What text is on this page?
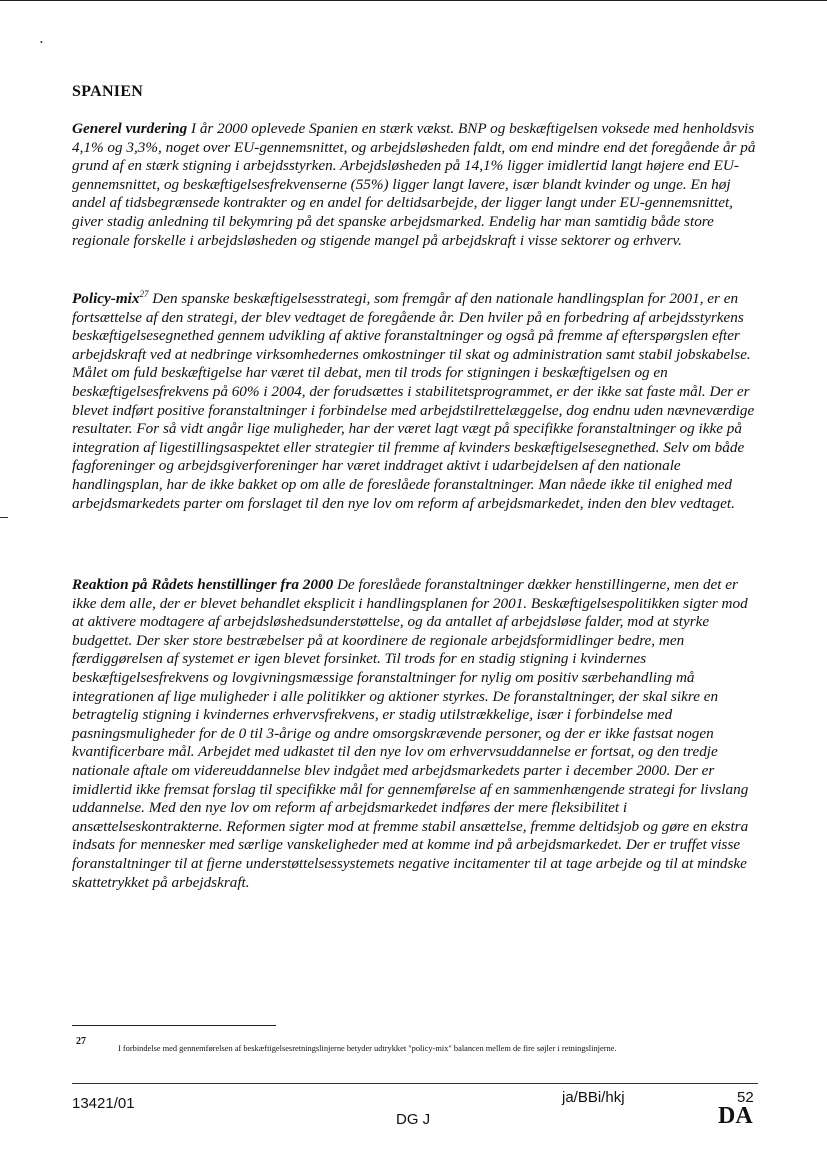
•
SPANIEN
Generel vurdering I år 2000 oplevede Spanien en stærk vækst. BNP og beskæftigelsen voksede med henholdsvis 4,1% og 3,3%, noget over EU-gennemsnittet, og arbejdsløsheden faldt, om end mindre end det foregående år på grund af en stærk stigning i arbejdsstyrken. Arbejdsløsheden på 14,1% ligger imidlertid langt højere end EU-gennemsnittet, og beskæftigelsesfrekvenserne (55%) ligger langt lavere, især blandt kvinder og unge. En høj andel af tidsbegrænsede kontrakter og en andel for deltidsarbejde, der ligger langt under EU-gennemsnittet, giver stadig anledning til bekymring på det spanske arbejdsmarked. Endelig har man samtidig både store regionale forskelle i arbejdsløsheden og stigende mangel på arbejdskraft i visse sektorer og erhverv.
Policy-mix$^{27}$ Den spanske beskæftigelsesstrategi, som fremgår af den nationale handlingsplan for 2001, er en fortsættelse af den strategi, der blev vedtaget de foregående år. Den hviler på en forbedring af arbejdsstyrkens beskæftigelsesegnethed gennem udvikling af aktive foranstaltninger og også på fremme af efterspørgslen efter arbejdskraft ved at nedbringe virksomhedernes omkostninger til skat og administration samt stabil jobskabelse. Målet om fuld beskæftigelse har været til debat, men til trods for stigningen i beskæftigelsen og en beskæftigelsesfrekvens på 60% i 2004, der forudsættes i stabilitetsprogrammet, er der ikke sat faste mål. Der er blevet indført positive foranstaltninger i forbindelse med arbejdstilrettelæggelse, dog endnu uden nævneværdige resultater. For så vidt angår lige muligheder, har der været lagt vægt på specifikke foranstaltninger og ikke på integration af ligestillingsaspektet eller strategier til fremme af kvinders beskæftigelsesegnethed. Selv om både fagforeninger og arbejdsgiverforeninger har været inddraget aktivt i udarbejdelsen af den nationale handlingsplan, har de ikke bakket op om alle de foreslåede foranstaltninger. Man nåede ikke til enighed med arbejdsmarkedets parter om forslaget til den nye lov om reform af arbejdsmarkedet, inden den blev vedtaget.
Reaktion på Rådets henstillinger fra 2000 De foreslåede foranstaltninger dækker henstillingerne, men det er ikke dem alle, der er blevet behandlet eksplicit i handlingsplanen for 2001. Beskæftigelsespolitikken sigter mod at aktivere modtagere af arbejdsløshedsunderstøttelse, og da antallet af arbejdsløse falder, mod at styrke budgettet. Der sker store bestræbelser på at koordinere de regionale arbejdsformidlinger bedre, men færdiggørelsen af systemet er igen blevet forsinket. Til trods for en stadig stigning i kvindernes beskæftigelsesfrekvens og lovgivningsmæssige foranstaltninger for nylig om positiv særbehandling må integrationen af lige muligheder i alle politikker og aktioner styrkes. De foranstaltninger, der skal sikre en betragtelig stigning i kvindernes erhvervsfrekvens, er stadig utilstrækkelige, især i forbindelse med pasningsmuligheder for de 0 til 3-årige og andre omsorgskrævende personer, og der er ikke fastsat nogen kvantificerbare mål. Arbejdet med udkastet til den nye lov om erhvervsuddannelse er fortsat, og den tredje nationale aftale om videreuddannelse blev indgået med arbejdsmarkedets parter i december 2000. Der er imidlertid ikke fremsat forslag til specifikke mål for gennemførelse af en sammenhængende strategi for livslang uddannelse. Med den nye lov om reform af arbejdsmarkedet indføres der mere fleksibilitet i ansættelseskontrakterne. Reformen sigter mod at fremme stabil ansættelse, fremme deltidsjob og gøre en ekstra indsats for mennesker med særlige vanskeligheder med at komme ind på arbejdsmarkedet. Der er truffet visse foranstaltninger til at fjerne understøttelsessystemets negative incitamenter til at tage arbejde og til at mindske skattetrykket på arbejdskraft.
27
I forbindelse med gennemførelsen af beskæftigelsesretningslinjerne betyder udtrykket "policy-mix" balancen mellem de fire søjler i retningslinjerne.
13421/01	ja/BBi/hkj	52
DG J	DA
